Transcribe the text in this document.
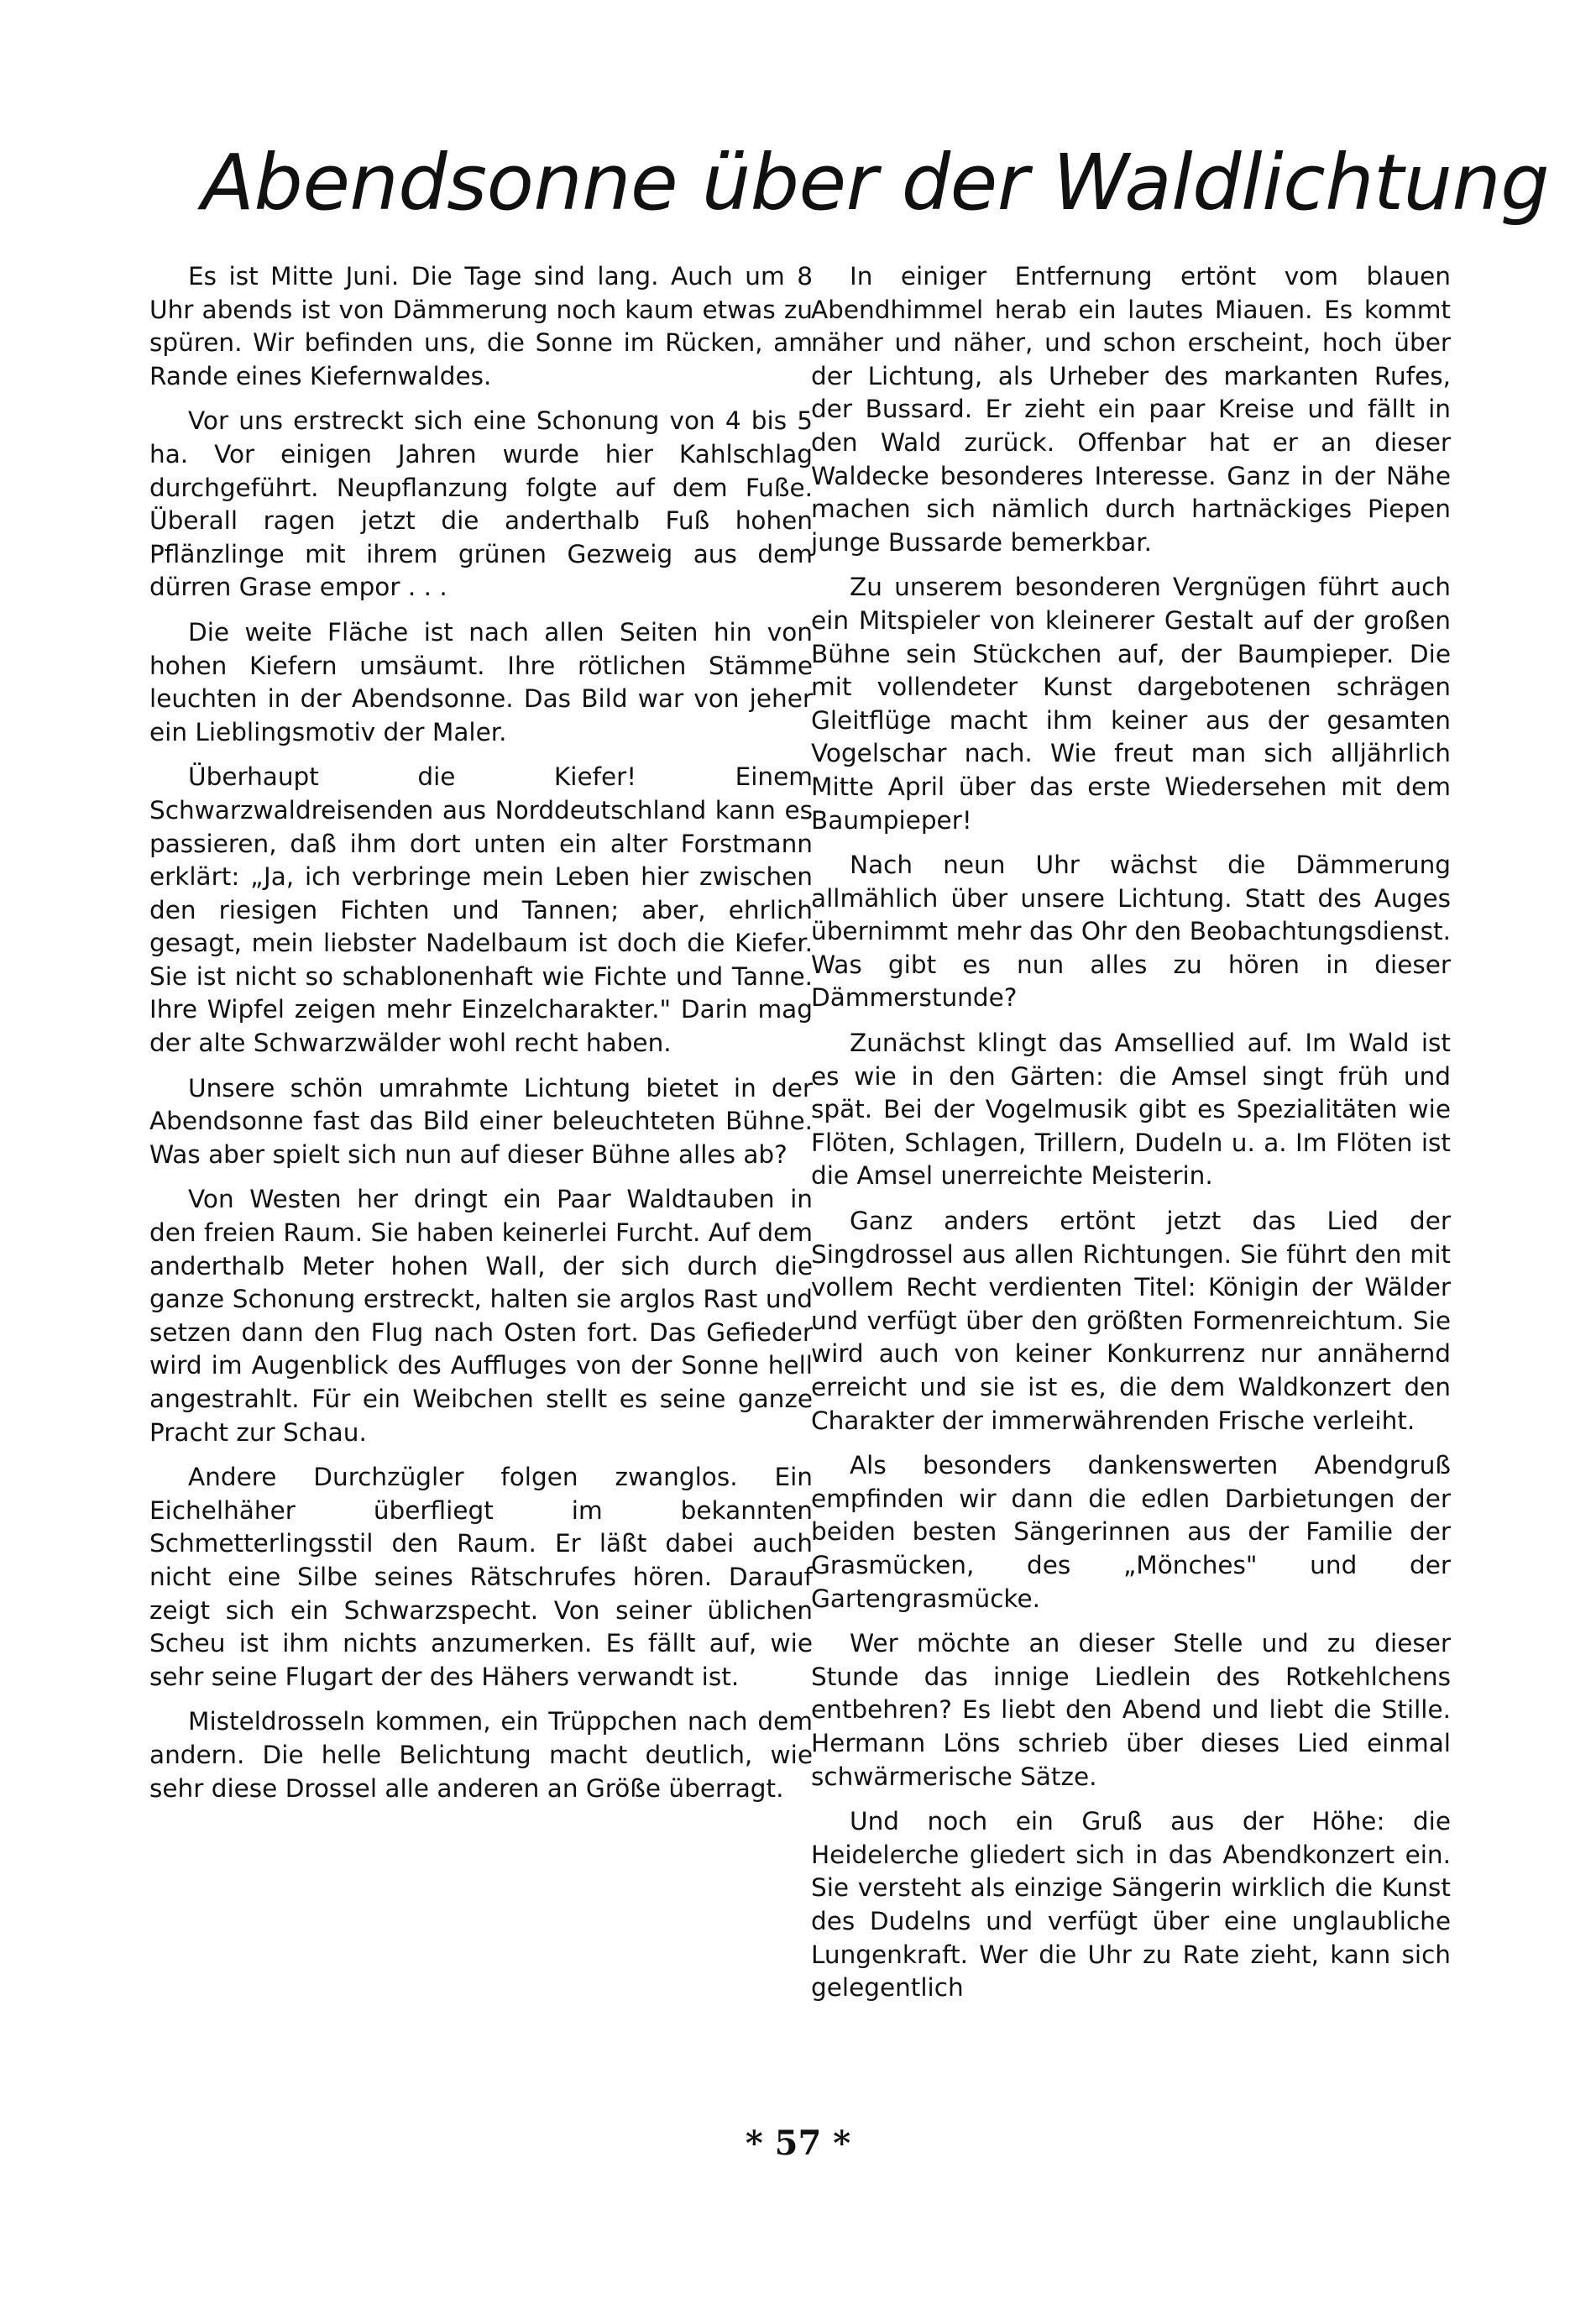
Abendsonne über der Waldlichtung

Es ist Mitte Juni. Die Tage sind lang. Auch um 8 Uhr abends ist von Dämmerung noch kaum etwas zu spüren. Wir befinden uns, die Sonne im Rücken, am Rande eines Kiefernwaldes.

Vor uns erstreckt sich eine Schonung von 4 bis 5 ha. Vor einigen Jahren wurde hier Kahlschlag durchgeführt. Neupflanzung folgte auf dem Fuße. Überall ragen jetzt die anderthalb Fuß hohen Pflänzlinge mit ihrem grünen Gezweig aus dem dürren Grase empor . . .

Die weite Fläche ist nach allen Seiten hin von hohen Kiefern umsäumt. Ihre rötlichen Stämme leuchten in der Abendsonne. Das Bild war von jeher ein Lieblingsmotiv der Maler.

Überhaupt die Kiefer! Einem Schwarzwaldreisenden aus Norddeutschland kann es passieren, daß ihm dort unten ein alter Forstmann erklärt: „Ja, ich verbringe mein Leben hier zwischen den riesigen Fichten und Tannen; aber, ehrlich gesagt, mein liebster Nadelbaum ist doch die Kiefer. Sie ist nicht so schablonenhaft wie Fichte und Tanne. Ihre Wipfel zeigen mehr Einzelcharakter." Darin mag der alte Schwarzwälder wohl recht haben.

Unsere schön umrahmte Lichtung bietet in der Abendsonne fast das Bild einer beleuchteten Bühne. Was aber spielt sich nun auf dieser Bühne alles ab?

Von Westen her dringt ein Paar Waldtauben in den freien Raum. Sie haben keinerlei Furcht. Auf dem anderthalb Meter hohen Wall, der sich durch die ganze Schonung erstreckt, halten sie arglos Rast und setzen dann den Flug nach Osten fort. Das Gefieder wird im Augenblick des Auffluges von der Sonne hell angestrahlt. Für ein Weibchen stellt es seine ganze Pracht zur Schau.

Andere Durchzügler folgen zwanglos. Ein Eichelhäher überfliegt im bekannten Schmetterlingsstil den Raum. Er läßt dabei auch nicht eine Silbe seines Rätschrufes hören. Darauf zeigt sich ein Schwarzspecht. Von seiner üblichen Scheu ist ihm nichts anzumerken. Es fällt auf, wie sehr seine Flugart der des Hähers verwandt ist.

Misteldrosseln kommen, ein Trüppchen nach dem andern. Die helle Belichtung macht deutlich, wie sehr diese Drossel alle anderen an Größe überragt.

In einiger Entfernung ertönt vom blauen Abendhimmel herab ein lautes Miauen. Es kommt näher und näher, und schon erscheint, hoch über der Lichtung, als Urheber des markanten Rufes, der Bussard. Er zieht ein paar Kreise und fällt in den Wald zurück. Offenbar hat er an dieser Waldecke besonderes Interesse. Ganz in der Nähe machen sich nämlich durch hartnäckiges Piepen junge Bussarde bemerkbar.

Zu unserem besonderen Vergnügen führt auch ein Mitspieler von kleinerer Gestalt auf der großen Bühne sein Stückchen auf, der Baumpieper. Die mit vollendeter Kunst dargebotenen schrägen Gleitflüge macht ihm keiner aus der gesamten Vogelschar nach. Wie freut man sich alljährlich Mitte April über das erste Wiedersehen mit dem Baumpieper!

Nach neun Uhr wächst die Dämmerung allmählich über unsere Lichtung. Statt des Auges übernimmt mehr das Ohr den Beobachtungsdienst. Was gibt es nun alles zu hören in dieser Dämmerstunde?

Zunächst klingt das Amsellied auf. Im Wald ist es wie in den Gärten: die Amsel singt früh und spät. Bei der Vogelmusik gibt es Spezialitäten wie Flöten, Schlagen, Trillern, Dudeln u. a. Im Flöten ist die Amsel unerreichte Meisterin.

Ganz anders ertönt jetzt das Lied der Singdrossel aus allen Richtungen. Sie führt den mit vollem Recht verdienten Titel: Königin der Wälder und verfügt über den größten Formenreichtum. Sie wird auch von keiner Konkurrenz nur annähernd erreicht und sie ist es, die dem Waldkonzert den Charakter der immerwährenden Frische verleiht.

Als besonders dankenswerten Abendgruß empfinden wir dann die edlen Darbietungen der beiden besten Sängerinnen aus der Familie der Grasmücken, des „Mönches" und der Gartengrasmücke.

Wer möchte an dieser Stelle und zu dieser Stunde das innige Liedlein des Rotkehlchens entbehren? Es liebt den Abend und liebt die Stille. Hermann Löns schrieb über dieses Lied einmal schwärmerische Sätze.

Und noch ein Gruß aus der Höhe: die Heidelerche gliedert sich in das Abendkonzert ein. Sie versteht als einzige Sängerin wirklich die Kunst des Dudelns und verfügt über eine unglaubliche Lungenkraft. Wer die Uhr zu Rate zieht, kann sich gelegentlich

* 57 *
